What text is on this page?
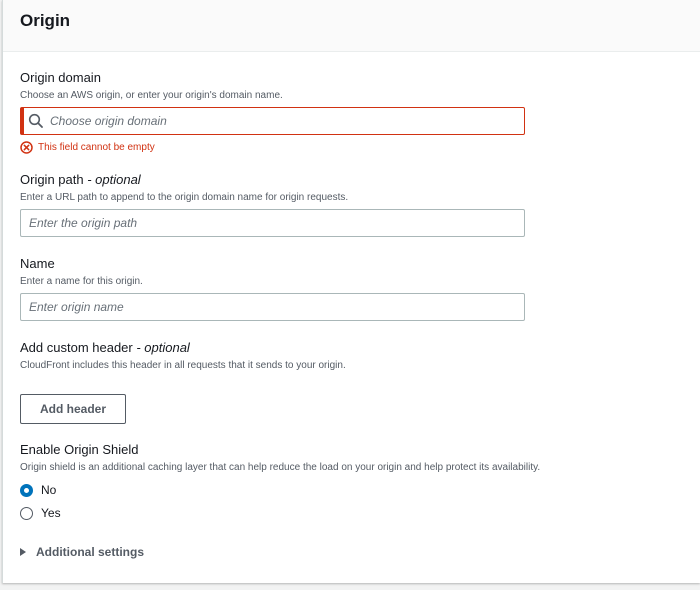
Origin
Origin domain
Choose an AWS origin, or enter your origin's domain name.
Choose origin domain
This field cannot be empty
Origin path - optional
Enter a URL path to append to the origin domain name for origin requests.
Enter the origin path
Name
Enter a name for this origin.
Enter origin name
Add custom header - optional
CloudFront includes this header in all requests that it sends to your origin.
Add header
Enable Origin Shield
Origin shield is an additional caching layer that can help reduce the load on your origin and help protect its availability.
No
Yes
Additional settings
